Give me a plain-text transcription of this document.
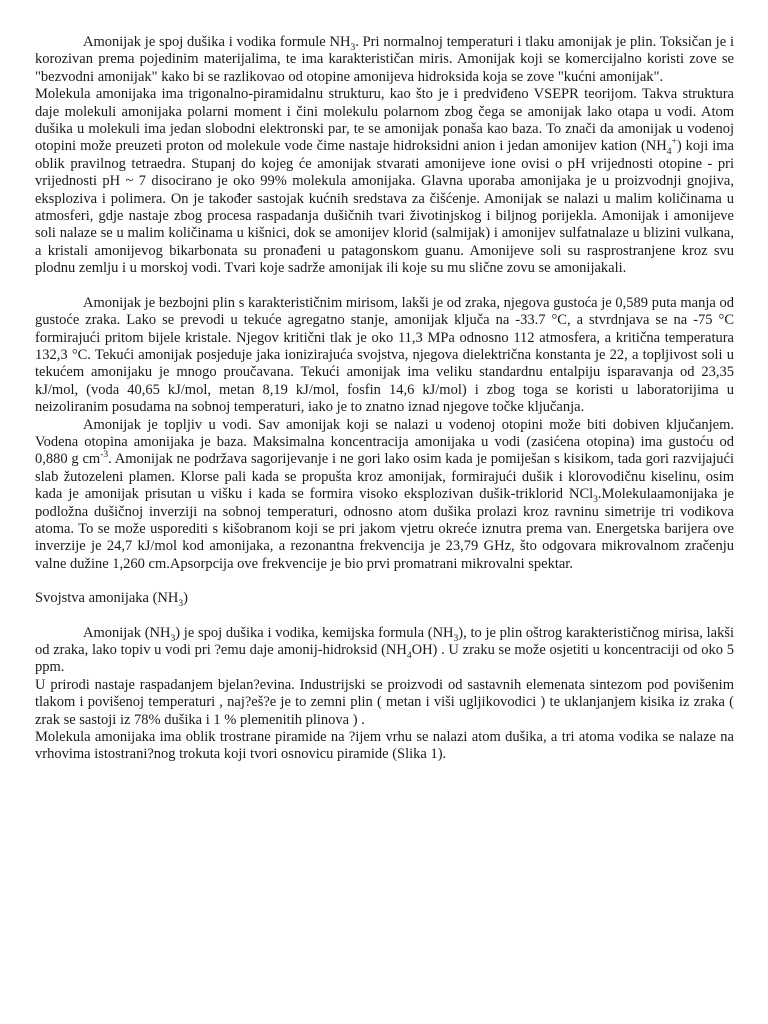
Amonijak je spoj dušika i vodika formule $NH_3$. Pri normalnoj temperaturi i tlaku amonijak je plin. Toksičan je i korozivan prema pojedinim materijalima, te ima karakterističan miris. Amonijak koji se komercijalno koristi zove se "bezvodni amonijak" kako bi se razlikovao od otopine amonijeva hidroksida koja se zove "kućni amonijak".

Molekula amonijaka ima trigonalno-piramidalnu strukturu, kao što je i predviđeno VSEPR teorijom. Takva struktura daje molekuli amonijaka polarni moment i čini molekulu polarnom zbog čega se amonijak lako otapa u vodi. Atom dušika u molekuli ima jedan slobodni elektronski par, te se amonijak ponaša kao baza. To znači da amonijak u vodenoj otopini može preuzeti proton od molekule vode čime nastaje hidroksidni anion i jedan amonijev kation $(NH_4^+)$ koji ima oblik pravilnog tetraedra. Stupanj do kojeg će amonijak stvarati amonijeve ione ovisi o pH vrijednosti otopine - pri vrijednosti pH ~ 7 disocirano je oko 99% molekula amonijaka. Glavna uporaba amonijaka je u proizvodnji gnojiva, eksploziva i polimera. On je također sastojak kućnih sredstava za čišćenje. Amonijak se nalazi u malim količinama u atmosferi, gdje nastaje zbog procesa raspadanja dušičnih tvari životinjskog i biljnog porijekla. Amonijak i amonijeve soli nalaze se u malim količinama u kišnici, dok se amonijev klorid (salmijak) i amonijev sulfatnalaze u blizini vulkana, a kristali amonijevog bikarbonata su pronađeni u patagonskom guanu. Amonijeve soli su rasprostranjene kroz svu plodnu zemlju i u morskoj vodi. Tvari koje sadrže amonijak ili koje su mu slične zovu se amonijakali.

Amonijak je bezbojni plin s karakterističnim mirisom, lakši je od zraka, njegova gustoća je 0,589 puta manja od gustoće zraka. Lako se prevodi u tekuće agregatno stanje, amonijak ključa na -33.7 °C, a stvrdnjava se na -75 °C formirajući pritom bijele kristale. Njegov kritični tlak je oko 11,3 MPa odnosno 112 atmosfera, a kritična temperatura 132,3 °C. Tekući amonijak posjeduje jaka ionizirajuća svojstva, njegova dielektrična konstanta je 22, a topljivost soli u tekućem amonijaku je mnogo proučavana. Tekući amonijak ima veliku standardnu entalpiju isparavanja od 23,35 kJ/mol, (voda 40,65 kJ/mol, metan 8,19 kJ/mol, fosfin 14,6 kJ/mol) i zbog toga se koristi u laboratorijima u neizoliranim posudama na sobnoj temperaturi, iako je to znatno iznad njegove točke ključanja.

Amonijak je topljiv u vodi. Sav amonijak koji se nalazi u vodenoj otopini može biti dobiven ključanjem. Vodena otopina amonijaka je baza. Maksimalna koncentracija amonijaka u vodi (zasićena otopina) ima gustoću od 0,880 g $cm^{-3}$. Amonijak ne podržava sagorijevanje i ne gori lako osim kada je pomiješan s kisikom, tada gori razvijajući slab žutozeleni plamen. Klorse pali kada se propušta kroz amonijak, formirajući dušik i klorovodičnu kiselinu, osim kada je amonijak prisutan u višku i kada se formira visoko eksplozivan dušik-triklorid NCl$_3$.Molekulaamonijaka je podložna dušičnoj inverziji na sobnoj temperaturi, odnosno atom dušika prolazi kroz ravninu simetrije tri vodikova atoma. To se može usporediti s kišobranom koji se pri jakom vjetru okreće iznutra prema van. Energetska barijera ove inverzije je 24,7 kJ/mol kod amonijaka, a rezonantna frekvencija je 23,79 GHz, što odgovara mikrovalnom zračenju valne dužine 1,260 cm.Apsorpcija ove frekvencije je bio prvi promatrani mikrovalni spektar.

Svojstva amonijaka $(NH_3)$

Amonijak $(NH_3)$ je spoj dušika i vodika, kemijska formula $(NH_3)$, to je plin oštrog karakterističnog mirisa, lakši od zraka, lako topiv u vodi pri ?emu daje amonij-hidroksid $(NH_4OH)$ . U zraku se može osjetiti u koncentraciji od oko 5 ppm.

U prirodi nastaje raspadanjem bjelan?evina. Industrijski se proizvodi od sastavnih elemenata sintezom pod povišenim tlakom i povišenoj temperaturi , naj?eš?e je to zemni plin ( metan i viši ugljikovodici ) te uklanjanjem kisika iz zraka ( zrak se sastoji iz 78% dušika i 1 % plemenitih plinova ) .

Molekula amonijaka ima oblik trostrane piramide na ?ijem vrhu se nalazi atom dušika, a tri atoma vodika se nalaze na vrhovima istostrani?nog trokuta koji tvori osnovicu piramide (Slika 1).
